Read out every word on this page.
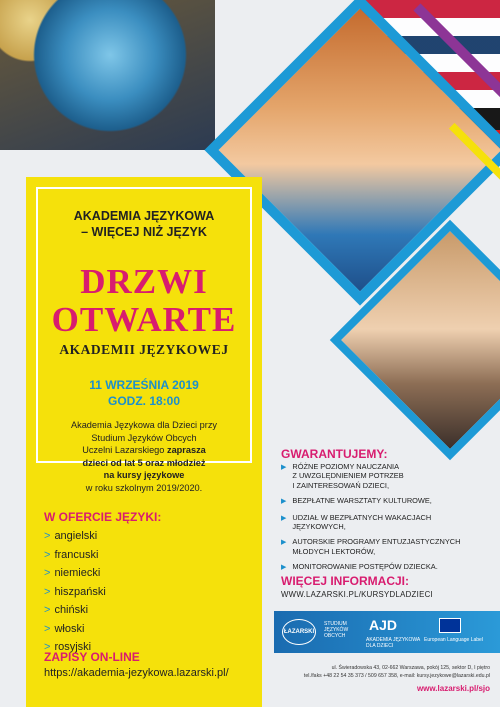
AKADEMIA JĘZYKOWA
– WIĘCEJ NIŻ JĘZYK
DRZWI
OTWARTE
AKADEMII JĘZYKOWEJ
11 WRZEŚNIA 2019
GODZ. 18:00
Akademia Językowa dla Dzieci przy
Studium Języków Obcych
Uczelni Lazarskiego zaprasza
dzieci od lat 5 oraz młodzież
na kursy językowe
w roku szkolnym 2019/2020.
W OFERCIE JĘZYKI:
> angielski
> francuski
> niemiecki
> hiszpański
> chiński
> włoski
> rosyjski
ZAPISY ON-LINE
https://akademia-jezykowa.lazarski.pl/
GWARANTUJEMY:
▶ RÓŻNE POZIOMY NAUCZANIA
Z UWZGLĘDNIENIEM POTRZEB
I ZAINTERESOWAŃ DZIECI,
▶ BEZPŁATNE WARSZTATY KULTUROWE,
▶ UDZIAŁ W BEZPŁATNYCH WAKACJACH
JĘZYKOWYCH,
▶ AUTORSKIE PROGRAMY ENTUZJASTYCZNYCH
MŁODYCH LEKTORÓW,
▶ MONITOROWANIE POSTĘPÓW DZIECKA.
WIĘCEJ INFORMACJI:
WWW.LAZARSKI.PL/KURSYDLADZIECI
ŁAZARSKI
STUDIUM JĘZYKÓW OBCYCH
AJD
AKADEMIA JĘZYKOWA DLA DZIECI
European Language Label
ul. Świeradowska 43, 02-662 Warszawa, pokój 125, sektor D, I piętro
tel./faks +48 22 54 35 373 / 509 657 358, e-mail: kursy.jezykowe@lazarski.edu.pl
www.lazarski.pl/sjo
